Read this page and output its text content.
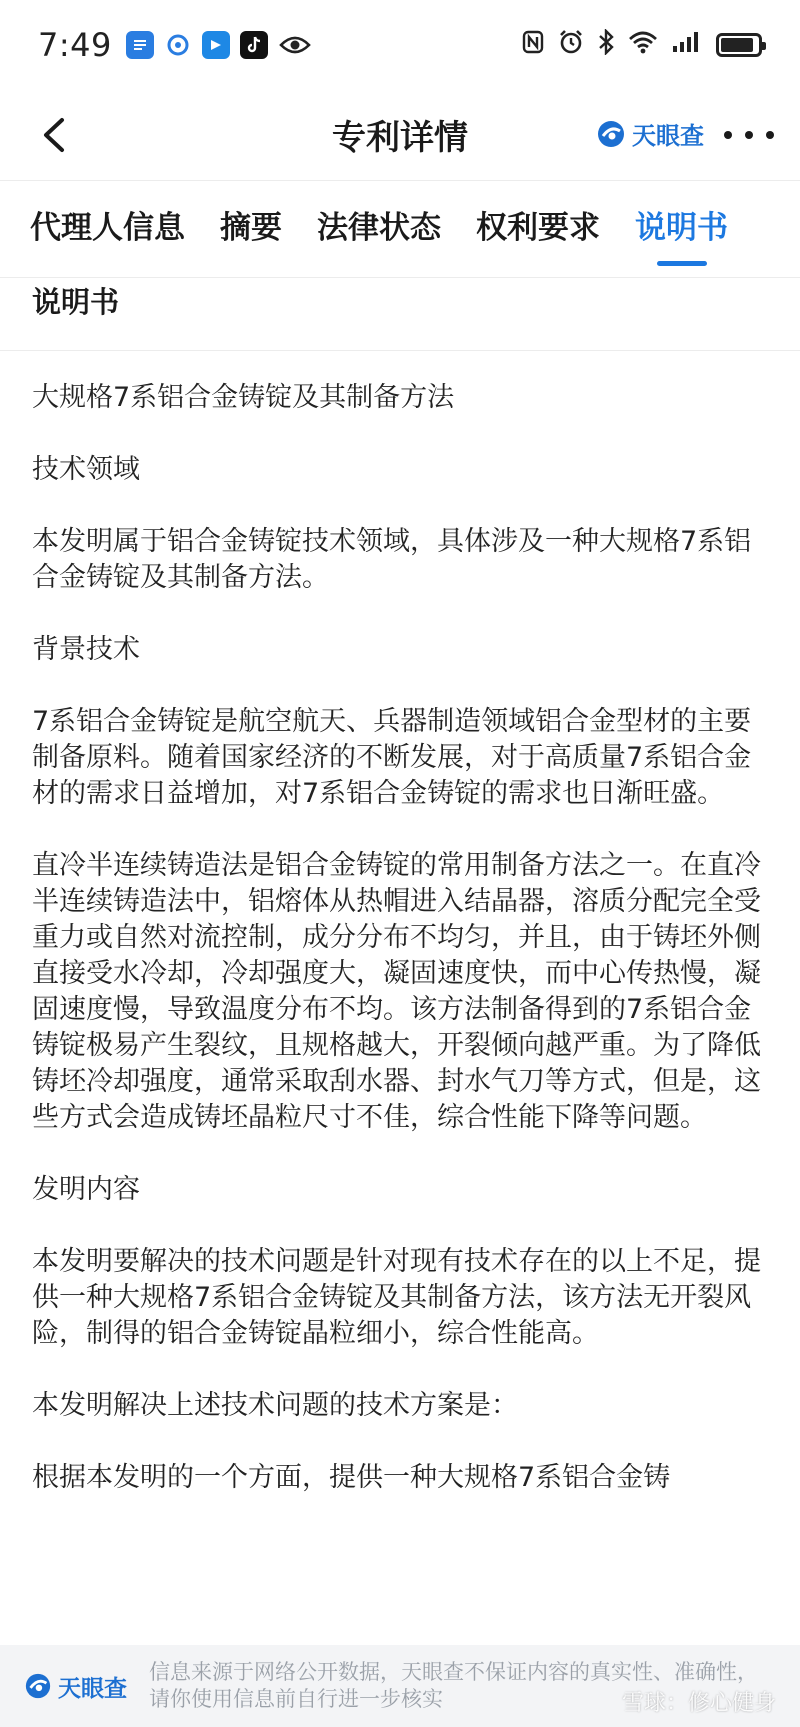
7:49
专利详情	天眼查
代理人信息 摘要 法律状态 权利要求 说明书
说明书

大规格7系铝合金铸锭及其制备方法

技术领域

本发明属于铝合金铸锭技术领域，具体涉及一种大规格7系铝合金铸锭及其制备方法。

背景技术

7系铝合金铸锭是航空航天、兵器制造领域铝合金型材的主要制备原料。随着国家经济的不断发展，对于高质量7系铝合金材的需求日益增加，对7系铝合金铸锭的需求也日渐旺盛。

直冷半连续铸造法是铝合金铸锭的常用制备方法之一。在直冷半连续铸造法中，铝熔体从热帽进入结晶器，溶质分配完全受重力或自然对流控制，成分分布不均匀，并且，由于铸坯外侧直接受水冷却，冷却强度大，凝固速度快，而中心传热慢，凝固速度慢，导致温度分布不均。该方法制备得到的7系铝合金铸锭极易产生裂纹，且规格越大，开裂倾向越严重。为了降低铸坯冷却强度，通常采取刮水器、封水气刀等方式，但是，这些方式会造成铸坯晶粒尺寸不佳，综合性能下降等问题。

发明内容

本发明要解决的技术问题是针对现有技术存在的以上不足，提供一种大规格7系铝合金铸锭及其制备方法，该方法无开裂风险，制得的铝合金铸锭晶粒细小，综合性能高。

本发明解决上述技术问题的技术方案是：

根据本发明的一个方面，提供一种大规格7系铝合金铸

天眼查
信息来源于网络公开数据，天眼查不保证内容的真实性、准确性，请你使用信息前自行进一步核实	雪球：修心健身
